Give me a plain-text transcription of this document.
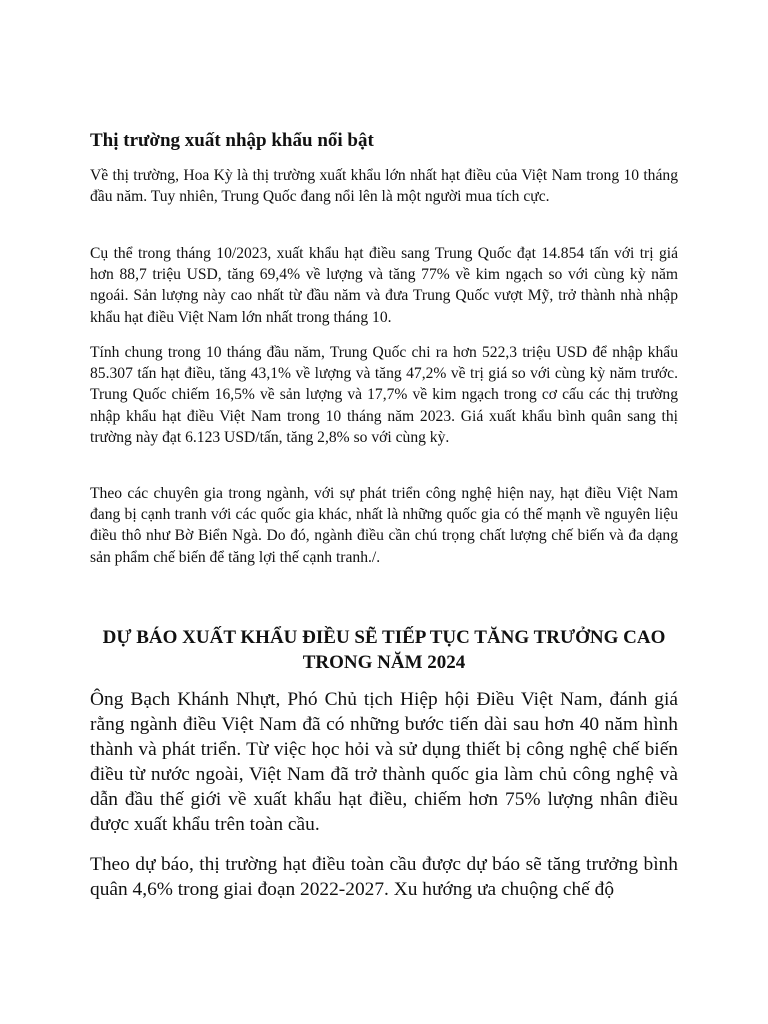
Thị trường xuất nhập khẩu nổi bật

Về thị trường, Hoa Kỳ là thị trường xuất khẩu lớn nhất hạt điều của Việt Nam trong 10 tháng đầu năm. Tuy nhiên, Trung Quốc đang nổi lên là một người mua tích cực.

Cụ thể trong tháng 10/2023, xuất khẩu hạt điều sang Trung Quốc đạt 14.854 tấn với trị giá hơn 88,7 triệu USD, tăng 69,4% về lượng và tăng 77% về kim ngạch so với cùng kỳ năm ngoái. Sản lượng này cao nhất từ đầu năm và đưa Trung Quốc vượt Mỹ, trở thành nhà nhập khẩu hạt điều Việt Nam lớn nhất trong tháng 10.

Tính chung trong 10 tháng đầu năm, Trung Quốc chi ra hơn 522,3 triệu USD để nhập khẩu 85.307 tấn hạt điều, tăng 43,1% về lượng và tăng 47,2% về trị giá so với cùng kỳ năm trước. Trung Quốc chiếm 16,5% về sản lượng và 17,7% về kim ngạch trong cơ cấu các thị trường nhập khẩu hạt điều Việt Nam trong 10 tháng năm 2023. Giá xuất khẩu bình quân sang thị trường này đạt 6.123 USD/tấn, tăng 2,8% so với cùng kỳ.

Theo các chuyên gia trong ngành, với sự phát triển công nghệ hiện nay, hạt điều Việt Nam đang bị cạnh tranh với các quốc gia khác, nhất là những quốc gia có thế mạnh về nguyên liệu điều thô như Bờ Biển Ngà. Do đó, ngành điều cần chú trọng chất lượng chế biến và đa dạng sản phẩm chế biến để tăng lợi thế cạnh tranh./.

DỰ BÁO XUẤT KHẨU ĐIỀU SẼ TIẾP TỤC TĂNG TRƯỞNG CAO TRONG NĂM 2024

Ông Bạch Khánh Nhựt, Phó Chủ tịch Hiệp hội Điều Việt Nam, đánh giá rằng ngành điều Việt Nam đã có những bước tiến dài sau hơn 40 năm hình thành và phát triển. Từ việc học hỏi và sử dụng thiết bị công nghệ chế biến điều từ nước ngoài, Việt Nam đã trở thành quốc gia làm chủ công nghệ và dẫn đầu thế giới về xuất khẩu hạt điều, chiếm hơn 75% lượng nhân điều được xuất khẩu trên toàn cầu.

Theo dự báo, thị trường hạt điều toàn cầu được dự báo sẽ tăng trưởng bình quân 4,6% trong giai đoạn 2022-2027. Xu hướng ưa chuộng chế độ
